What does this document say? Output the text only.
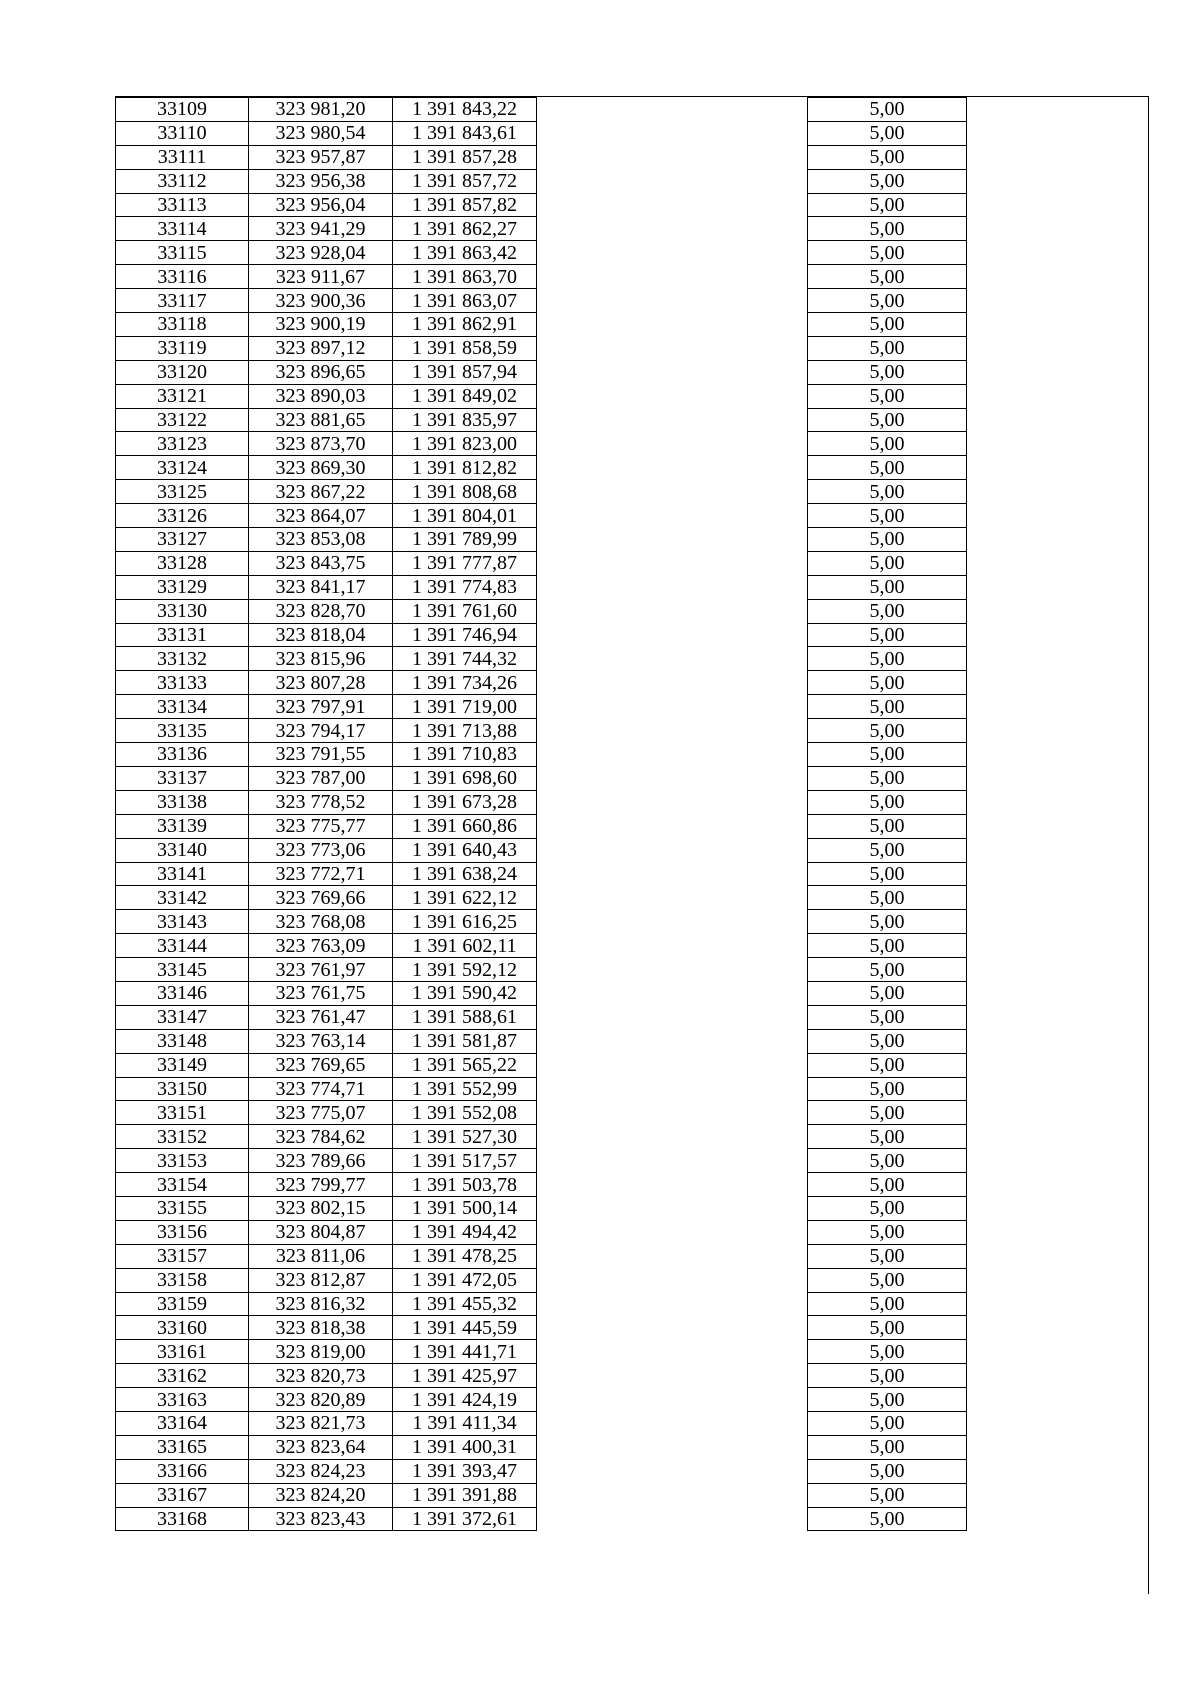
33109	323 981,20	1 391 843,22		5,00
33110	323 980,54	1 391 843,61		5,00
33111	323 957,87	1 391 857,28		5,00
33112	323 956,38	1 391 857,72		5,00
33113	323 956,04	1 391 857,82		5,00
33114	323 941,29	1 391 862,27		5,00
33115	323 928,04	1 391 863,42		5,00
33116	323 911,67	1 391 863,70		5,00
33117	323 900,36	1 391 863,07		5,00
33118	323 900,19	1 391 862,91		5,00
33119	323 897,12	1 391 858,59		5,00
33120	323 896,65	1 391 857,94		5,00
33121	323 890,03	1 391 849,02		5,00
33122	323 881,65	1 391 835,97		5,00
33123	323 873,70	1 391 823,00		5,00
33124	323 869,30	1 391 812,82		5,00
33125	323 867,22	1 391 808,68		5,00
33126	323 864,07	1 391 804,01		5,00
33127	323 853,08	1 391 789,99		5,00
33128	323 843,75	1 391 777,87		5,00
33129	323 841,17	1 391 774,83		5,00
33130	323 828,70	1 391 761,60		5,00
33131	323 818,04	1 391 746,94		5,00
33132	323 815,96	1 391 744,32		5,00
33133	323 807,28	1 391 734,26		5,00
33134	323 797,91	1 391 719,00		5,00
33135	323 794,17	1 391 713,88		5,00
33136	323 791,55	1 391 710,83		5,00
33137	323 787,00	1 391 698,60		5,00
33138	323 778,52	1 391 673,28		5,00
33139	323 775,77	1 391 660,86		5,00
33140	323 773,06	1 391 640,43		5,00
33141	323 772,71	1 391 638,24		5,00
33142	323 769,66	1 391 622,12		5,00
33143	323 768,08	1 391 616,25		5,00
33144	323 763,09	1 391 602,11		5,00
33145	323 761,97	1 391 592,12		5,00
33146	323 761,75	1 391 590,42		5,00
33147	323 761,47	1 391 588,61		5,00
33148	323 763,14	1 391 581,87		5,00
33149	323 769,65	1 391 565,22		5,00
33150	323 774,71	1 391 552,99		5,00
33151	323 775,07	1 391 552,08		5,00
33152	323 784,62	1 391 527,30		5,00
33153	323 789,66	1 391 517,57		5,00
33154	323 799,77	1 391 503,78		5,00
33155	323 802,15	1 391 500,14		5,00
33156	323 804,87	1 391 494,42		5,00
33157	323 811,06	1 391 478,25		5,00
33158	323 812,87	1 391 472,05		5,00
33159	323 816,32	1 391 455,32		5,00
33160	323 818,38	1 391 445,59		5,00
33161	323 819,00	1 391 441,71		5,00
33162	323 820,73	1 391 425,97		5,00
33163	323 820,89	1 391 424,19		5,00
33164	323 821,73	1 391 411,34		5,00
33165	323 823,64	1 391 400,31		5,00
33166	323 824,23	1 391 393,47		5,00
33167	323 824,20	1 391 391,88		5,00
33168	323 823,43	1 391 372,61		5,00
